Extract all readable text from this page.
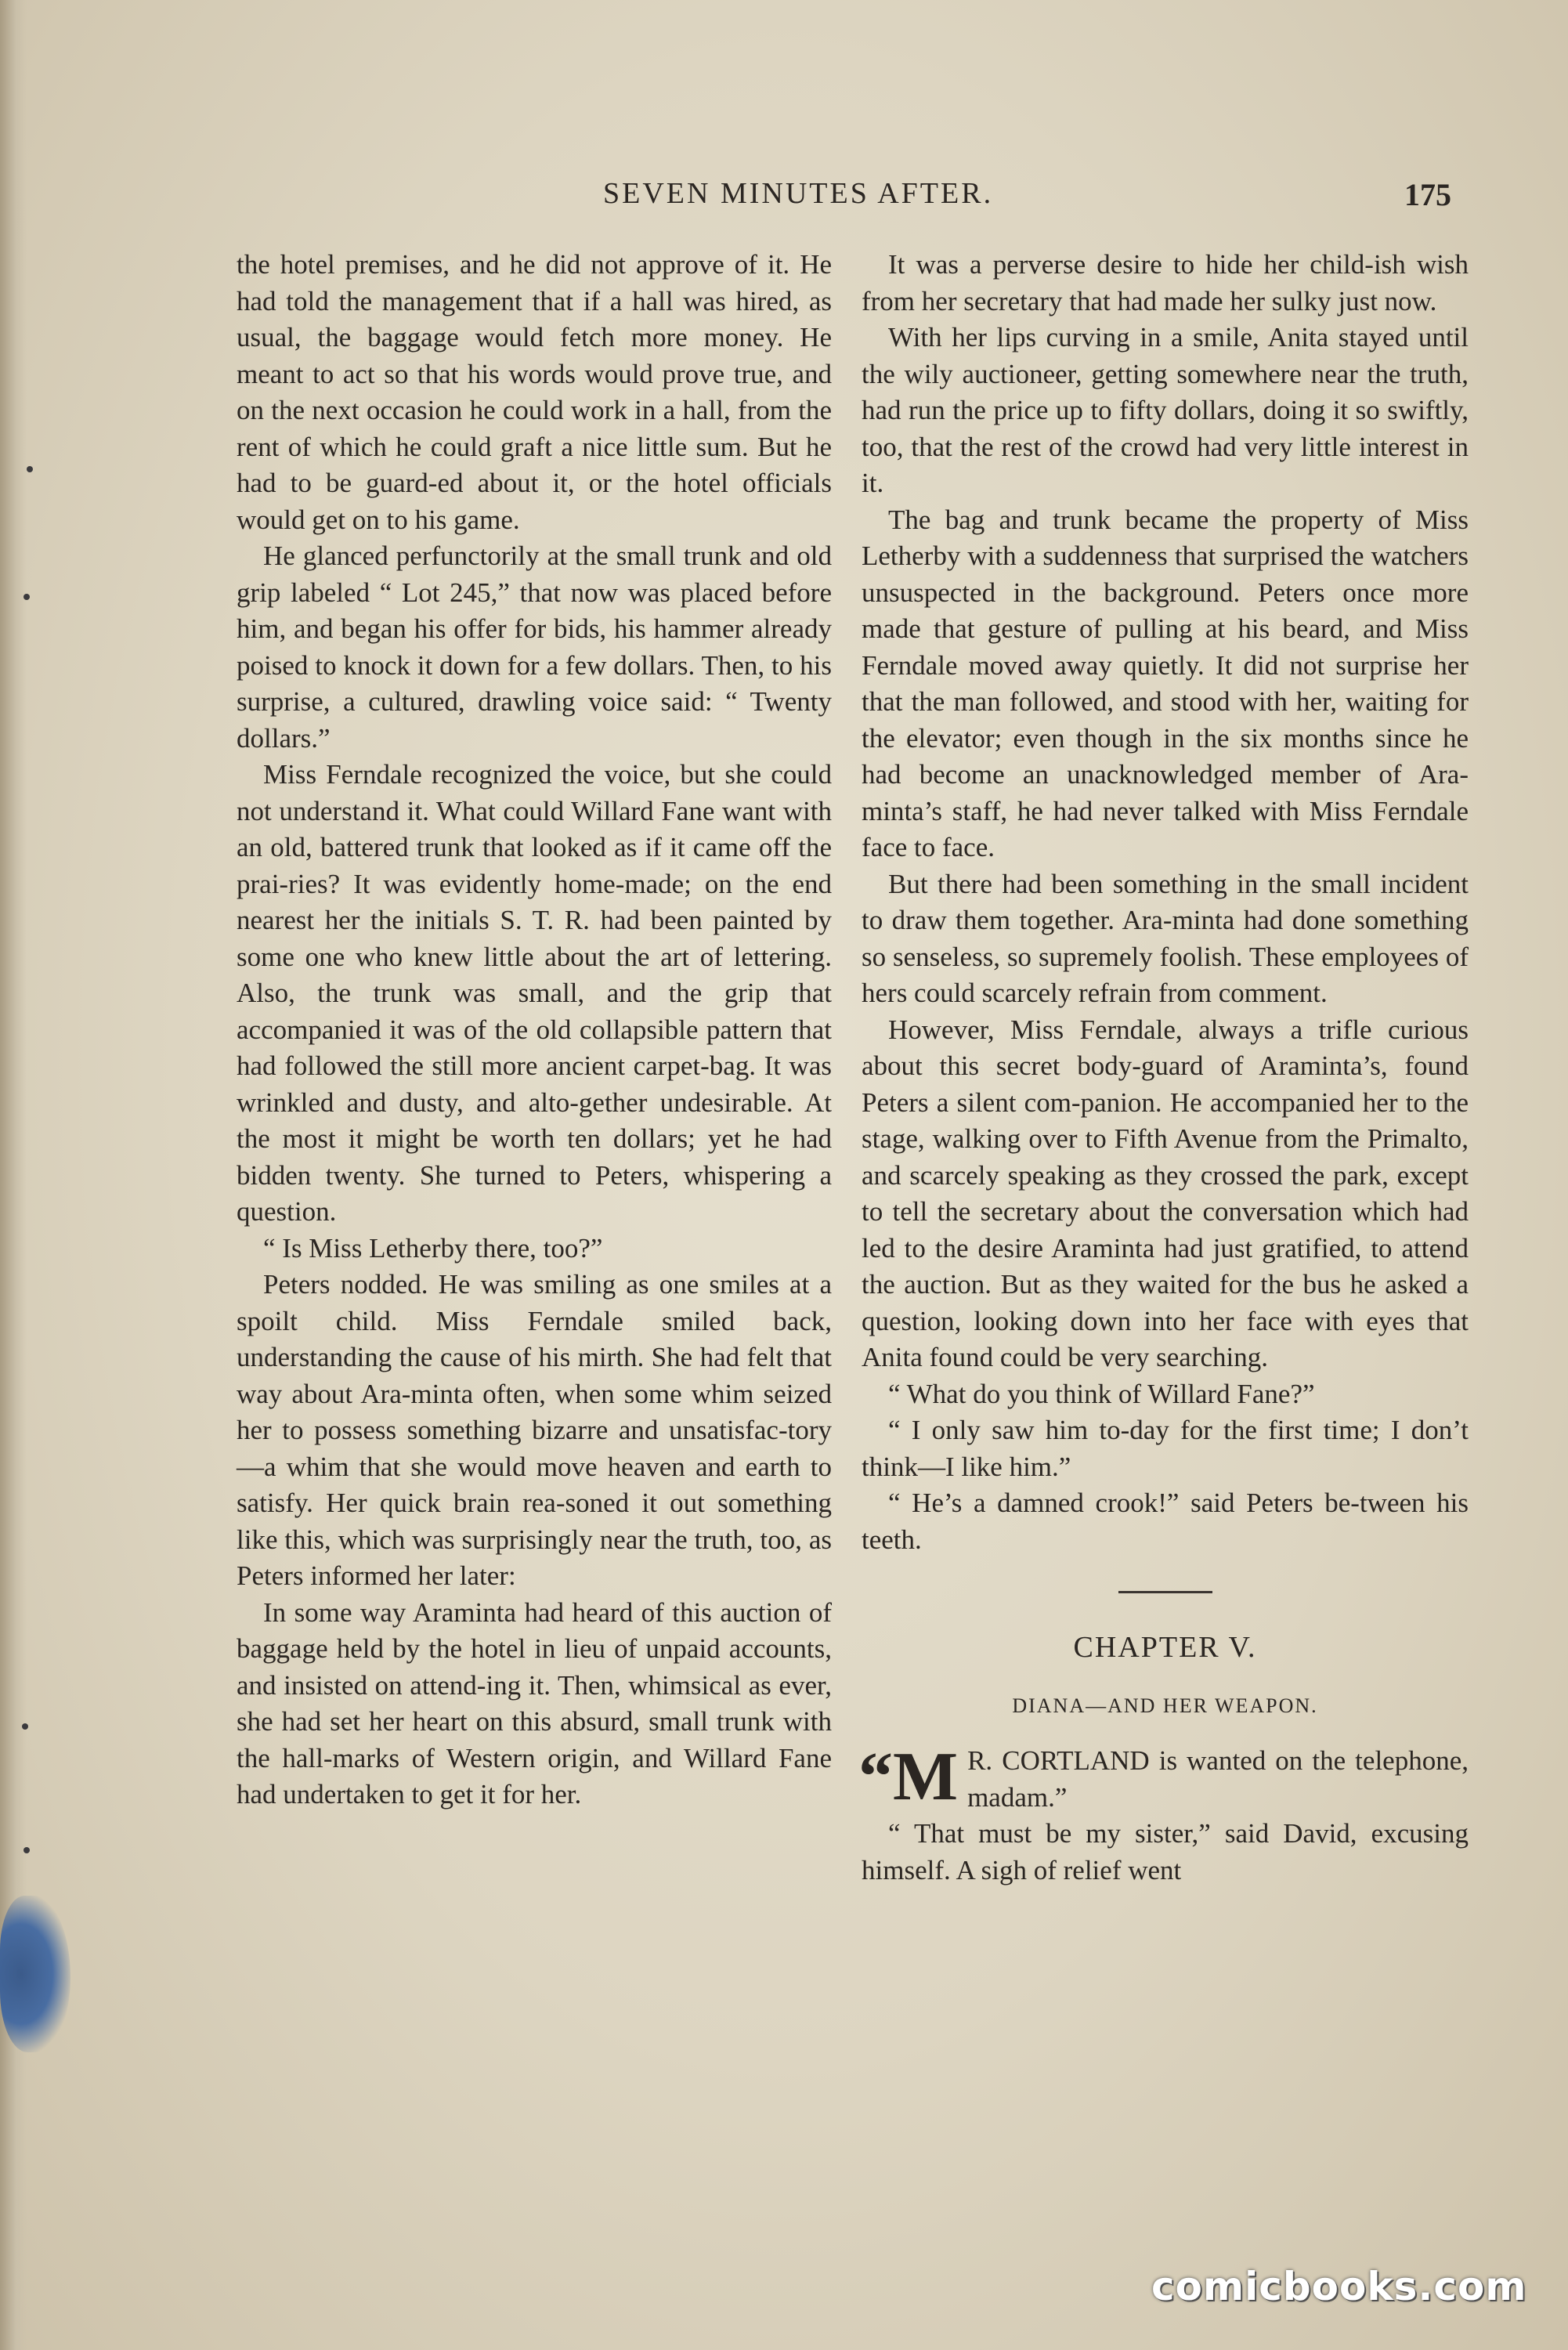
SEVEN MINUTES AFTER.	175

the hotel premises, and he did not approve of it. He had told the management that if a hall was hired, as usual, the baggage would fetch more money. He meant to act so that his words would prove true, and on the next occasion he could work in a hall, from the rent of which he could graft a nice little sum. But he had to be guard-ed about it, or the hotel officials would get on to his game.

He glanced perfunctorily at the small trunk and old grip labeled “ Lot 245,” that now was placed before him, and began his offer for bids, his hammer already poised to knock it down for a few dollars. Then, to his surprise, a cultured, drawling voice said: “ Twenty dollars.”

Miss Ferndale recognized the voice, but she could not understand it. What could Willard Fane want with an old, battered trunk that looked as if it came off the prai-ries? It was evidently home-made; on the end nearest her the initials S. T. R. had been painted by some one who knew little about the art of lettering. Also, the trunk was small, and the grip that accompanied it was of the old collapsible pattern that had followed the still more ancient carpet-bag. It was wrinkled and dusty, and alto-gether undesirable. At the most it might be worth ten dollars; yet he had bidden twenty. She turned to Peters, whispering a question.

“ Is Miss Letherby there, too?”

Peters nodded. He was smiling as one smiles at a spoilt child. Miss Ferndale smiled back, understanding the cause of his mirth. She had felt that way about Ara-minta often, when some whim seized her to possess something bizarre and unsatisfac-tory—a whim that she would move heaven and earth to satisfy. Her quick brain rea-soned it out something like this, which was surprisingly near the truth, too, as Peters informed her later:

In some way Araminta had heard of this auction of baggage held by the hotel in lieu of unpaid accounts, and insisted on attend-ing it. Then, whimsical as ever, she had set her heart on this absurd, small trunk with the hall-marks of Western origin, and Willard Fane had undertaken to get it for her.

It was a perverse desire to hide her child-ish wish from her secretary that had made her sulky just now.

With her lips curving in a smile, Anita stayed until the wily auctioneer, getting somewhere near the truth, had run the price up to fifty dollars, doing it so swiftly, too, that the rest of the crowd had very little interest in it.

The bag and trunk became the property of Miss Letherby with a suddenness that surprised the watchers unsuspected in the background. Peters once more made that gesture of pulling at his beard, and Miss Ferndale moved away quietly. It did not surprise her that the man followed, and stood with her, waiting for the elevator; even though in the six months since he had become an unacknowledged member of Ara-minta’s staff, he had never talked with Miss Ferndale face to face.

But there had been something in the small incident to draw them together. Ara-minta had done something so senseless, so supremely foolish. These employees of hers could scarcely refrain from comment.

However, Miss Ferndale, always a trifle curious about this secret body-guard of Araminta’s, found Peters a silent com-panion. He accompanied her to the stage, walking over to Fifth Avenue from the Primalto, and scarcely speaking as they crossed the park, except to tell the secretary about the conversation which had led to the desire Araminta had just gratified, to attend the auction. But as they waited for the bus he asked a question, looking down into her face with eyes that Anita found could be very searching.

“ What do you think of Willard Fane?”

“ I only saw him to-day for the first time; I don’t think—I like him.”

“ He’s a damned crook!” said Peters be-tween his teeth.

CHAPTER V.
DIANA—AND HER WEAPON.

“M R. CORTLAND is wanted on the telephone, madam.”

“ That must be my sister,” said David, excusing himself. A sigh of relief went

comicbooks.com
